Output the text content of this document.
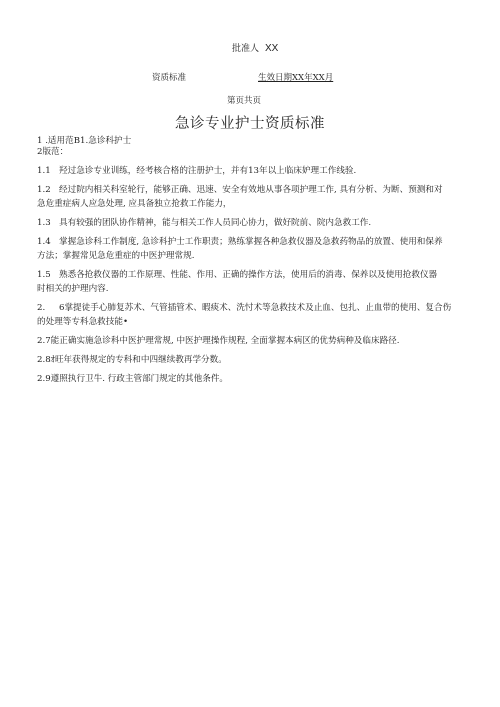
批准人 XX
资质标准	生效日期XX年XX月
第页共页
急诊专业护士资质标准

1 .适用范B1.急诊科护士

2版范：

1.1 羟过急诊专业训练，经考核合格的注册护士，并有13年以上临床妒理工作线验.

1.2 经过院内相关科室轮行，能够正确、迅速、安全有效地从事各项护理工作, 具有分析、为断、预测和对

急危重症病人应急处理, 应具备独立抢救工作能力，

1.3 具有较强的团队协作精神，能与相关工作人员同心协力，做好院前、院内急救工作.

1.4 掌握急诊科工作制度, 急诊科护士工作职责；熟练掌握各种急救仪器及急救药物品的放置、使用和保养

方法；掌握常见急危重症的中医护理常规.

1.5 熟悉各抢救仪器的工作原理、性能、作用、正确的操作方法，使用后的消毒、保养以及使用抢救仪器

时相关的护理内容.

2. 6掌提徒手心肺复苏术、气管插管术、暇痰术、洗忖术等急救技术及止血、包扎、止血带的使用、复合伤

的处理等专科急救技能•

2.7能正确实施急诊科中医护理常规, 中医护理操作规程, 全面掌握本病区的优势病种及临床路径.

2.8ｵ旺年获得规定的专科和中四继续教再学分数。

2.9遵照执行卫牛. 行政主管部门规定的其他条件。
